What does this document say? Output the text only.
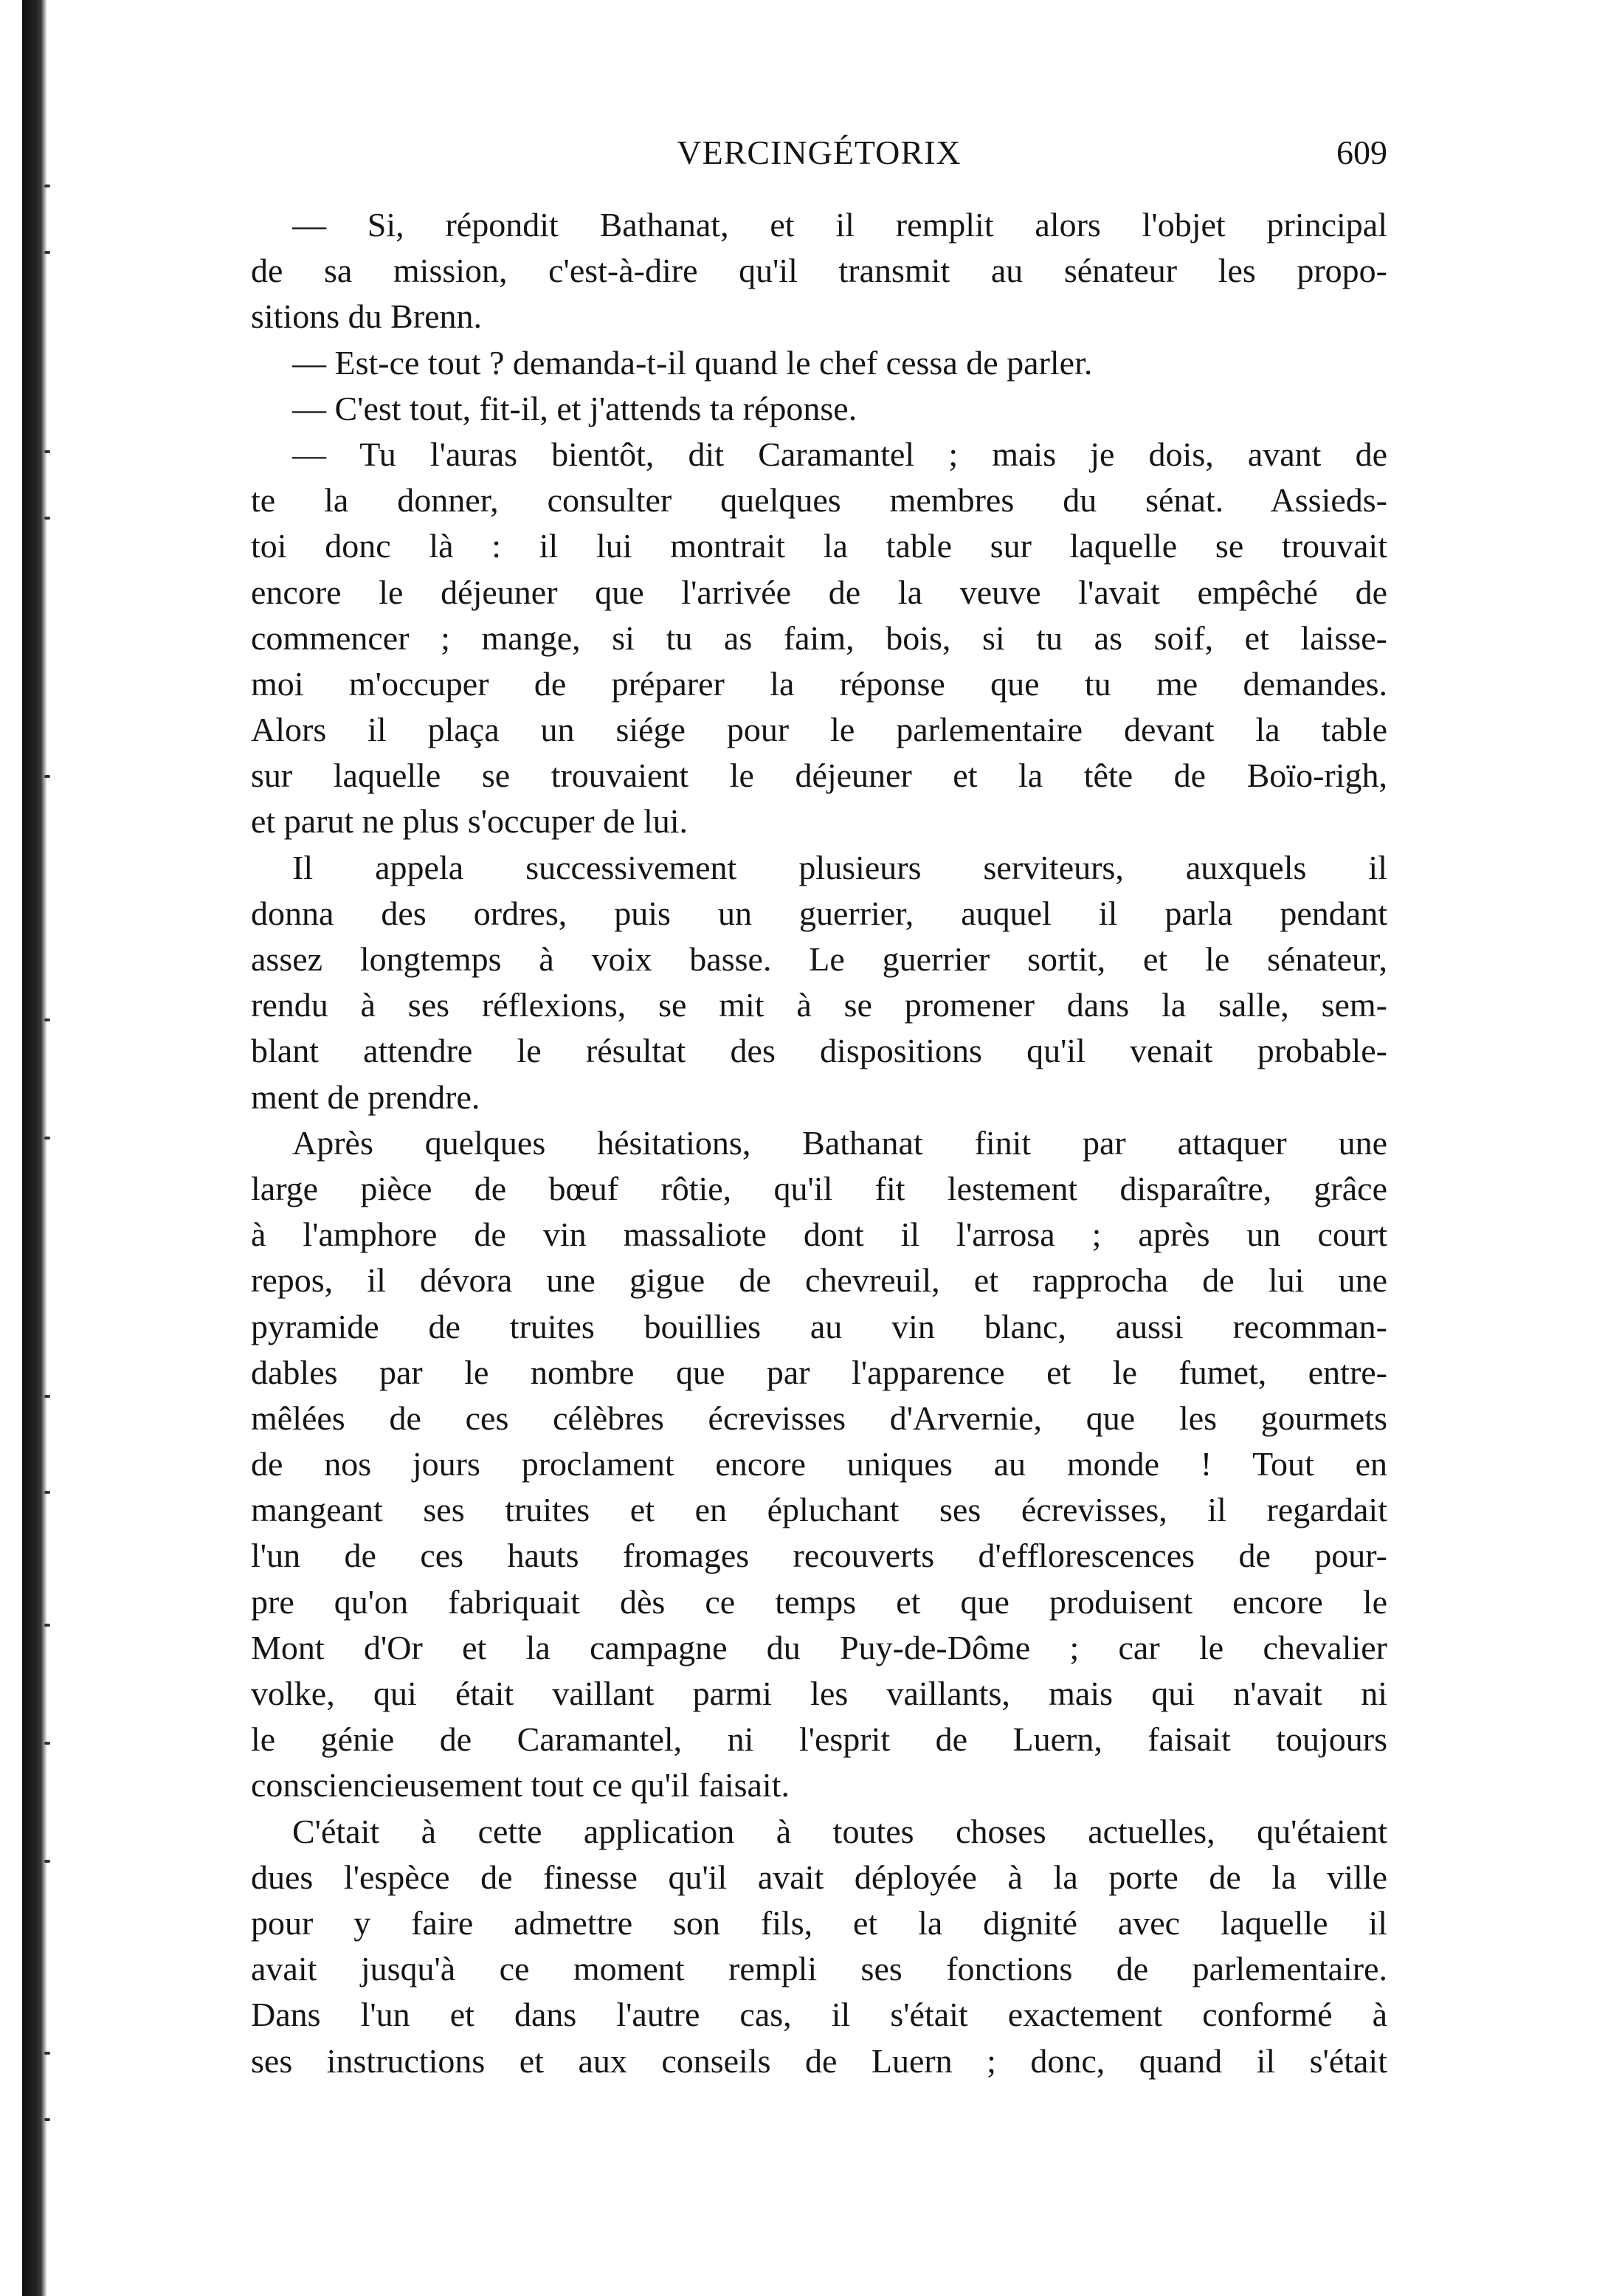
VERCINGÉTORIX	609
— Si, répondit Bathanat, et il remplit alors l'objet principal
de sa mission, c'est-à-dire qu'il transmit au sénateur les propo-
sitions du Brenn.
— Est-ce tout ? demanda-t-il quand le chef cessa de parler.
— C'est tout, fit-il, et j'attends ta réponse.
— Tu l'auras bientôt, dit Caramantel ; mais je dois, avant de
te la donner, consulter quelques membres du sénat. Assieds-
toi donc là : il lui montrait la table sur laquelle se trouvait
encore le déjeuner que l'arrivée de la veuve l'avait empêché de
commencer ; mange, si tu as faim, bois, si tu as soif, et laisse-
moi m'occuper de préparer la réponse que tu me demandes.
Alors il plaça un siége pour le parlementaire devant la table
sur laquelle se trouvaient le déjeuner et la tête de Boïo-righ,
et parut ne plus s'occuper de lui.
Il appela successivement plusieurs serviteurs, auxquels il
donna des ordres, puis un guerrier, auquel il parla pendant
assez longtemps à voix basse. Le guerrier sortit, et le sénateur,
rendu à ses réflexions, se mit à se promener dans la salle, sem-
blant attendre le résultat des dispositions qu'il venait probable-
ment de prendre.
Après quelques hésitations, Bathanat finit par attaquer une
large pièce de bœuf rôtie, qu'il fit lestement disparaître, grâce
à l'amphore de vin massaliote dont il l'arrosa ; après un court
repos, il dévora une gigue de chevreuil, et rapprocha de lui une
pyramide de truites bouillies au vin blanc, aussi recomman-
dables par le nombre que par l'apparence et le fumet, entre-
mêlées de ces célèbres écrevisses d'Arvernie, que les gourmets
de nos jours proclament encore uniques au monde ! Tout en
mangeant ses truites et en épluchant ses écrevisses, il regardait
l'un de ces hauts fromages recouverts d'efflorescences de pour-
pre qu'on fabriquait dès ce temps et que produisent encore le
Mont d'Or et la campagne du Puy-de-Dôme ; car le chevalier
volke, qui était vaillant parmi les vaillants, mais qui n'avait ni
le génie de Caramantel, ni l'esprit de Luern, faisait toujours
consciencieusement tout ce qu'il faisait.
C'était à cette application à toutes choses actuelles, qu'étaient
dues l'espèce de finesse qu'il avait déployée à la porte de la ville
pour y faire admettre son fils, et la dignité avec laquelle il
avait jusqu'à ce moment rempli ses fonctions de parlementaire.
Dans l'un et dans l'autre cas, il s'était exactement conformé à
ses instructions et aux conseils de Luern ; donc, quand il s'était
